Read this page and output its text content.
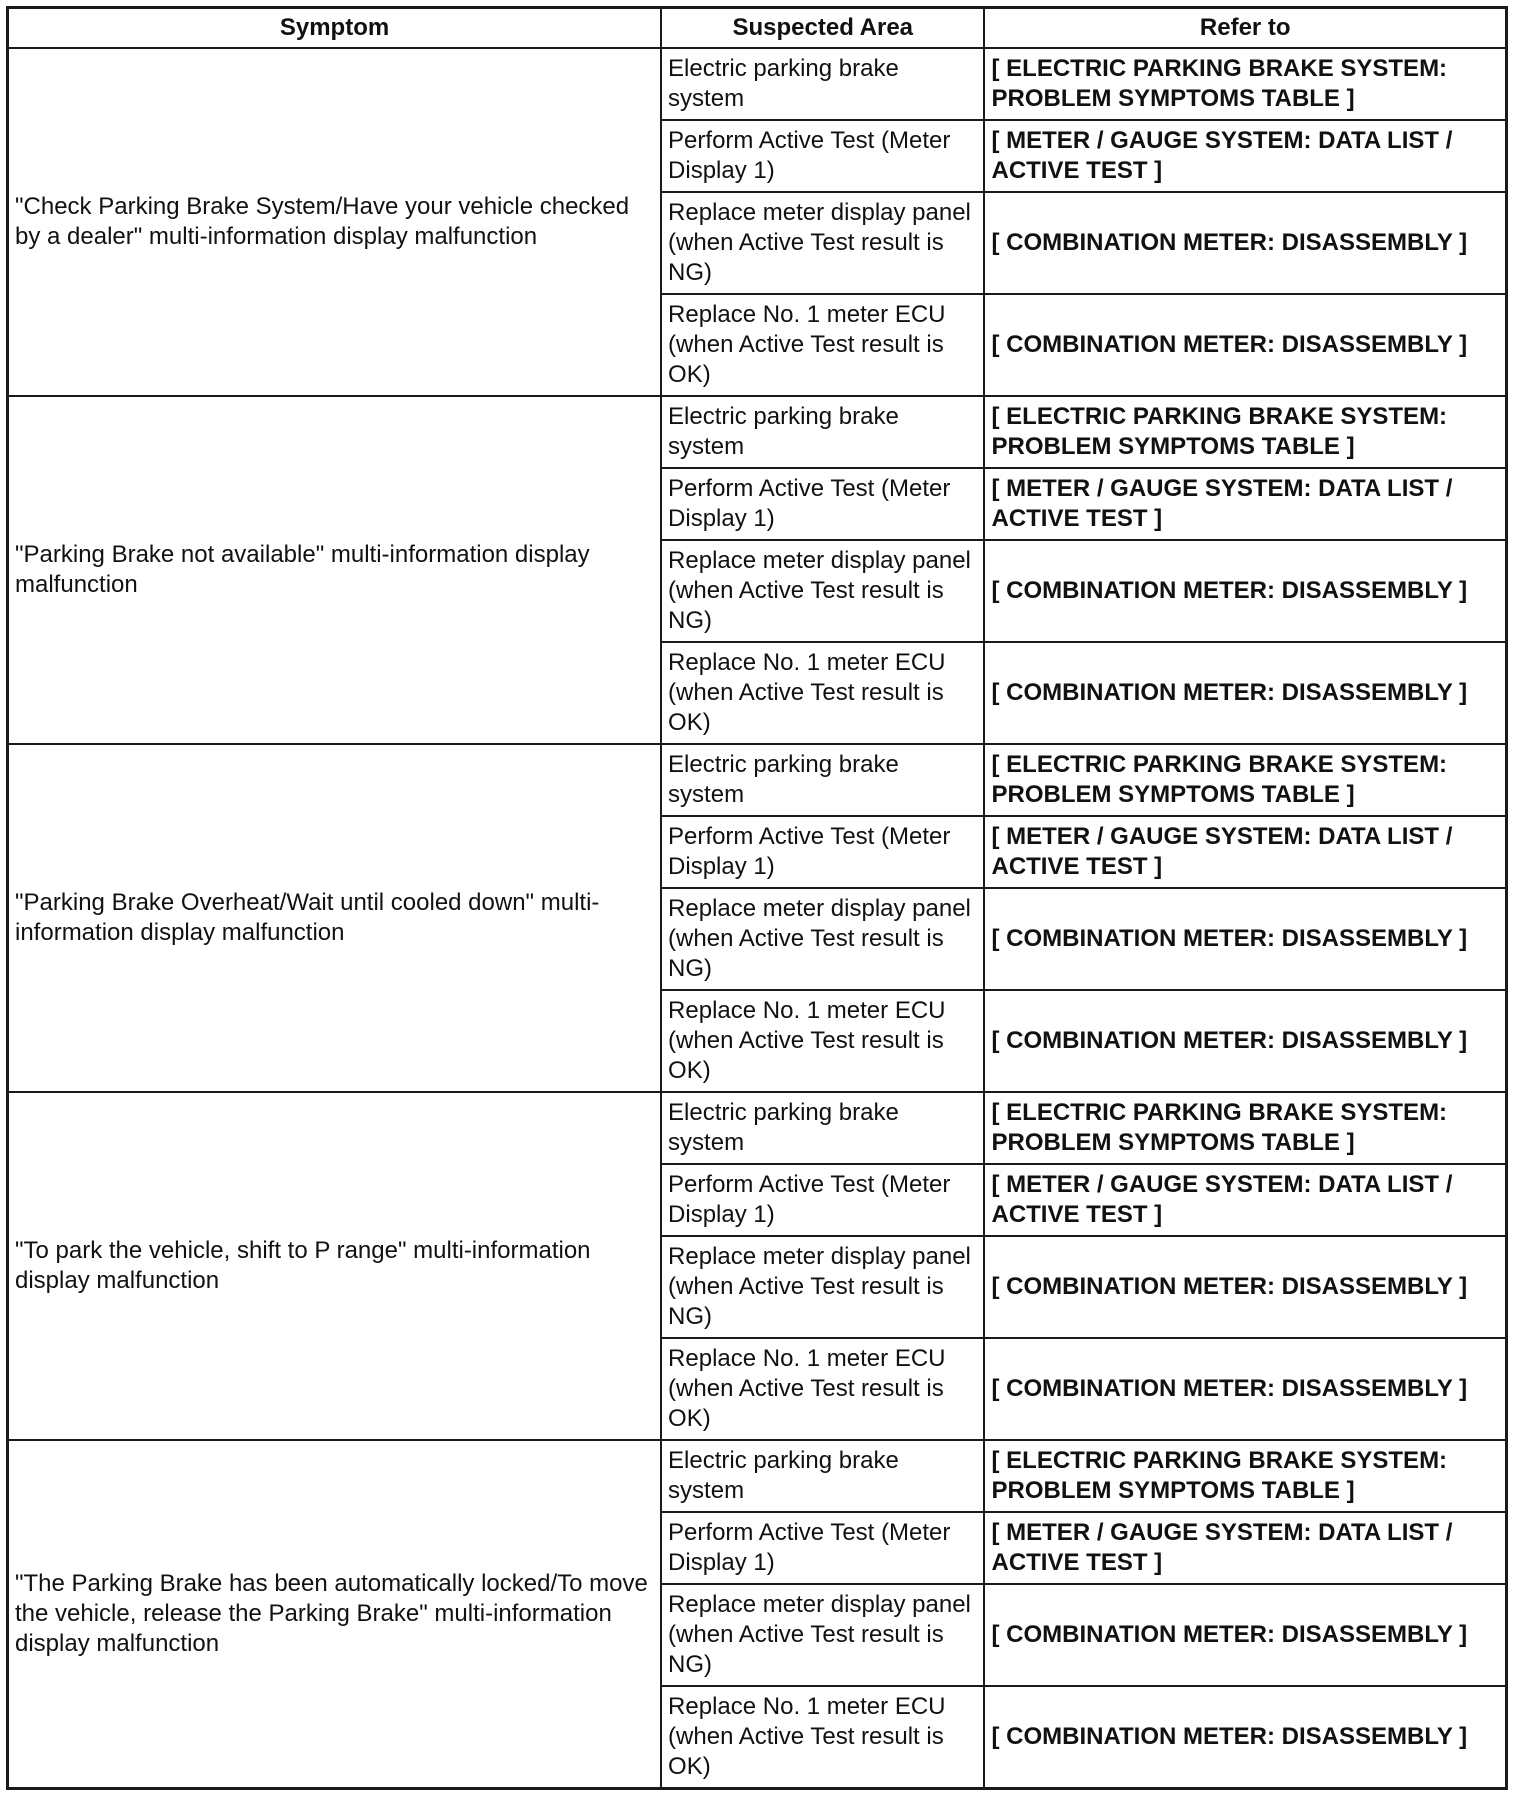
Symptom	Suspected Area	Refer to
"Check Parking Brake System/Have your vehicle checked by a dealer" multi-information display malfunction	Electric parking brake system	[ ELECTRIC PARKING BRAKE SYSTEM: PROBLEM SYMPTOMS TABLE ]
	Perform Active Test (Meter Display 1)	[ METER / GAUGE SYSTEM: DATA LIST / ACTIVE TEST ]
	Replace meter display panel (when Active Test result is NG)	[ COMBINATION METER: DISASSEMBLY ]
	Replace No. 1 meter ECU (when Active Test result is OK)	[ COMBINATION METER: DISASSEMBLY ]
"Parking Brake not available" multi-information display malfunction	Electric parking brake system	[ ELECTRIC PARKING BRAKE SYSTEM: PROBLEM SYMPTOMS TABLE ]
	Perform Active Test (Meter Display 1)	[ METER / GAUGE SYSTEM: DATA LIST / ACTIVE TEST ]
	Replace meter display panel (when Active Test result is NG)	[ COMBINATION METER: DISASSEMBLY ]
	Replace No. 1 meter ECU (when Active Test result is OK)	[ COMBINATION METER: DISASSEMBLY ]
"Parking Brake Overheat/Wait until cooled down" multi-information display malfunction	Electric parking brake system	[ ELECTRIC PARKING BRAKE SYSTEM: PROBLEM SYMPTOMS TABLE ]
	Perform Active Test (Meter Display 1)	[ METER / GAUGE SYSTEM: DATA LIST / ACTIVE TEST ]
	Replace meter display panel (when Active Test result is NG)	[ COMBINATION METER: DISASSEMBLY ]
	Replace No. 1 meter ECU (when Active Test result is OK)	[ COMBINATION METER: DISASSEMBLY ]
"To park the vehicle, shift to P range" multi-information display malfunction	Electric parking brake system	[ ELECTRIC PARKING BRAKE SYSTEM: PROBLEM SYMPTOMS TABLE ]
	Perform Active Test (Meter Display 1)	[ METER / GAUGE SYSTEM: DATA LIST / ACTIVE TEST ]
	Replace meter display panel (when Active Test result is NG)	[ COMBINATION METER: DISASSEMBLY ]
	Replace No. 1 meter ECU (when Active Test result is OK)	[ COMBINATION METER: DISASSEMBLY ]
"The Parking Brake has been automatically locked/To move the vehicle, release the Parking Brake" multi-information display malfunction	Electric parking brake system	[ ELECTRIC PARKING BRAKE SYSTEM: PROBLEM SYMPTOMS TABLE ]
	Perform Active Test (Meter Display 1)	[ METER / GAUGE SYSTEM: DATA LIST / ACTIVE TEST ]
	Replace meter display panel (when Active Test result is NG)	[ COMBINATION METER: DISASSEMBLY ]
	Replace No. 1 meter ECU (when Active Test result is OK)	[ COMBINATION METER: DISASSEMBLY ]
